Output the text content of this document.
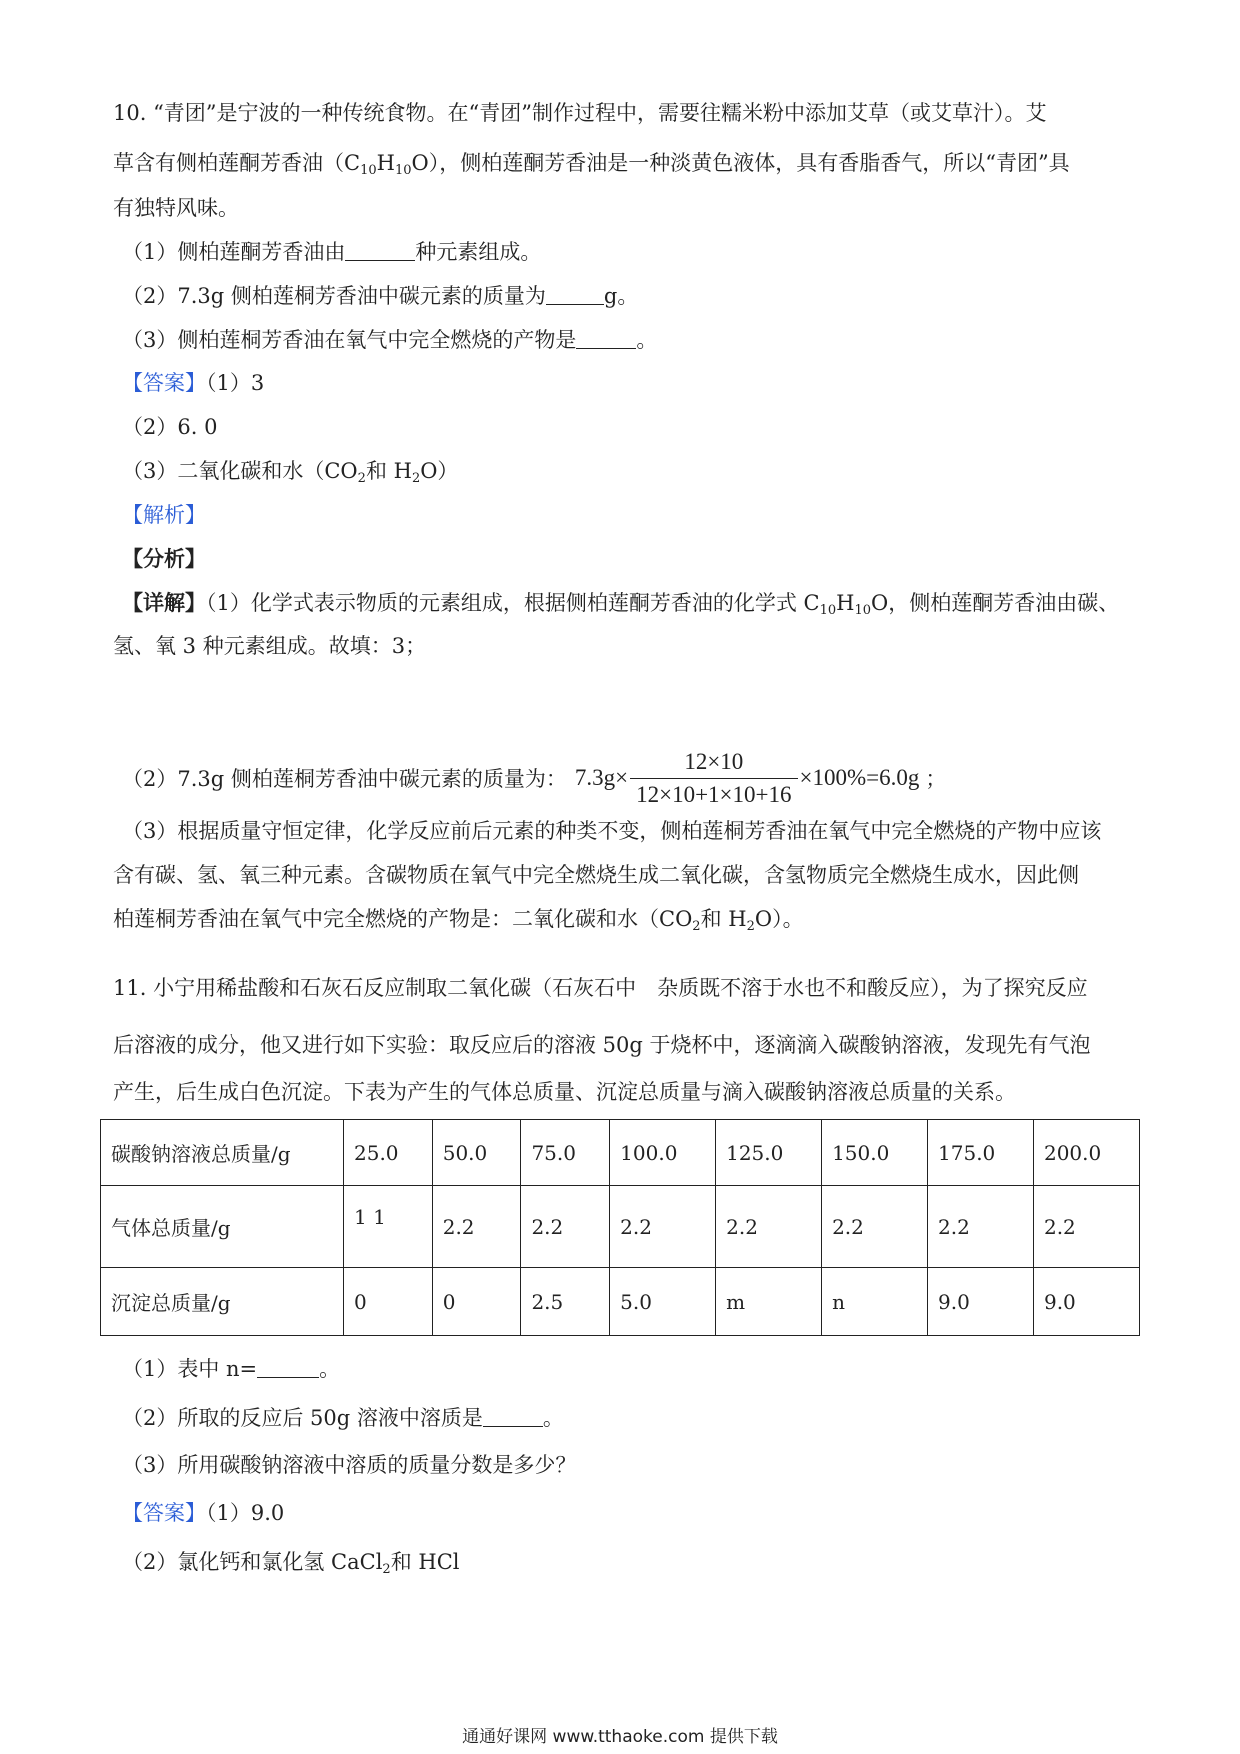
10. “青团”是宁波的一种传统食物。在“青团”制作过程中，需要往糯米粉中添加艾草（或艾草汁）。艾
草含有侧柏莲酮芳香油$(C_{10}H_{10}O)$，侧柏莲酮芳香油是一种淡黄色液体，具有香脂香气，所以“青团”具
有独特风味。
（1）侧柏莲酮芳香油由	种元素组成。
（2）7.3g 侧柏莲桐芳香油中碳元素的质量为	g。
（3）侧柏莲桐芳香油在氧气中完全燃烧的产物是	。
【答案】（1）3
（2）6. 0
（3）二氧化碳和水（$CO_2$和 $H_2O$）
【解析】
【分析】
【详解】（1）化学式表示物质的元素组成，根据侧柏莲酮芳香油的化学式 $C_{10}H_{10}O$，侧柏莲酮芳香油由碳、
氢、氧 3 种元素组成。故填：3；
（2）7.3g 侧柏莲桐芳香油中碳元素的质量为： $7.3g\times \frac{12\times 10}{12\times 10+1\times 10+16} \times 100\%=6.0g$ ；
（3）根据质量守恒定律，化学反应前后元素的种类不变，侧柏莲桐芳香油在氧气中完全燃烧的产物中应该
含有碳、氢、氧三种元素。含碳物质在氧气中完全燃烧生成二氧化碳，含氢物质完全燃烧生成水，因此侧
柏莲桐芳香油在氧气中完全燃烧的产物是：二氧化碳和水（$CO_2$和 $H_2O$）。
11. 小宁用稀盐酸和石灰石反应制取二氧化碳（石灰石中　杂质既不溶于水也不和酸反应），为了探究反应
后溶液的成分，他又进行如下实验：取反应后的溶液 50g 于烧杯中，逐滴滴入碳酸钠溶液，发现先有气泡
产生，后生成白色沉淀。下表为产生的气体总质量、沉淀总质量与滴入碳酸钠溶液总质量的关系。
碳酸钠溶液总质量/g	25.0	50.0	75.0	100.0	125.0	150.0	175.0	200.0
气体总质量/g	1 1	2.2	2.2	2.2	2.2	2.2	2.2	2.2
沉淀总质量/g	0	0	2.5	5.0	m	n	9.0	9.0
（1）表中 n=	。
（2）所取的反应后 50g 溶液中溶质是	。
（3）所用碳酸钠溶液中溶质的质量分数是多少？
【答案】（1）9.0
（2）氯化钙和氯化氢 CaCl$_2$和 HCl
通通好课网 www.tthaoke.com 提供下载
